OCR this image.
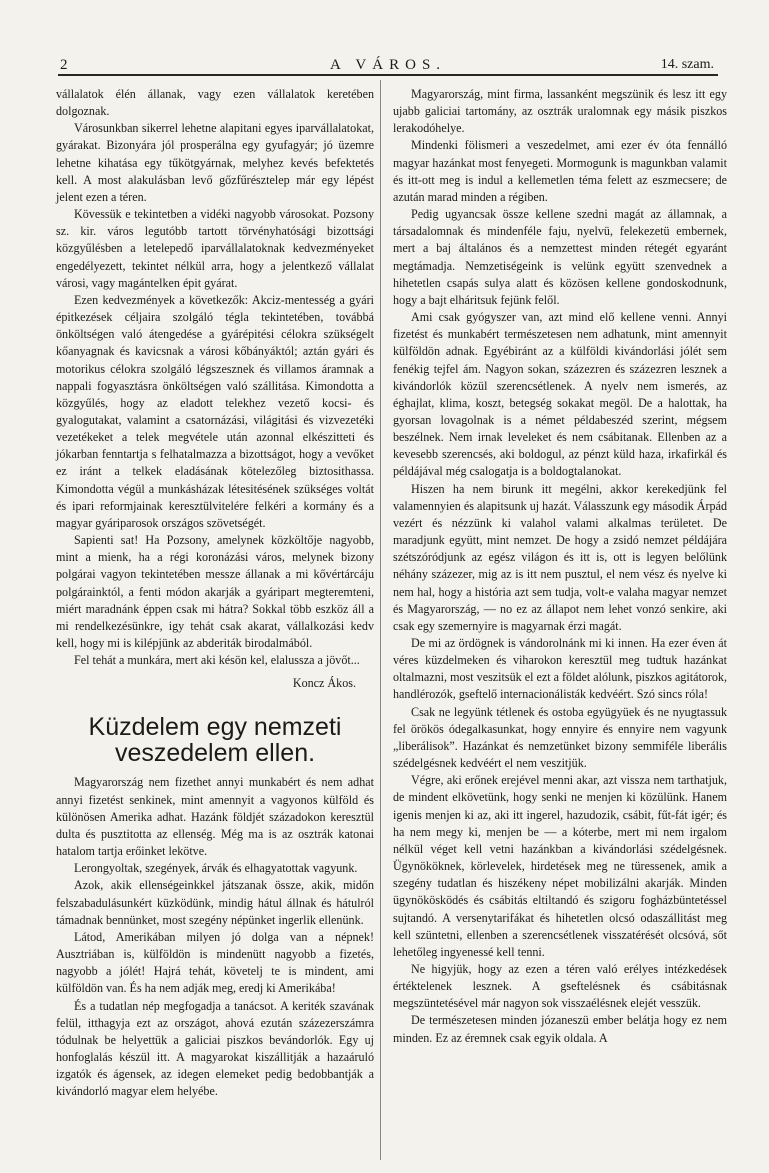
2	A VÁROS.	14. szam.

vállalatok élén állanak, vagy ezen vállalatok keretében dolgoznak.

Városunkban sikerrel lehetne alapitani egyes iparvállalatokat, gyárakat. Bizonyára jól prosperálna egy gyufagyár; jó üzemre lehetne kihatása egy tűkötgyárnak, melyhez kevés befektetés kell. A most alakulásban levő gőzfűrésztelep már egy lépést jelent ezen a téren.

Kövessük e tekintetben a vidéki nagyobb városokat. Pozsony sz. kir. város legutóbb tartott törvényhatósági bizottsági közgyűlésben a letelepedő iparvállalatoknak kedvezményeket engedélyezett, tekintet nélkül arra, hogy a jelentkező vállalat városi, vagy magántelken épit gyárat.

Ezen kedvezmények a következők: Akciz-mentesség a gyári épitkezések céljaira szolgáló tégla tekintetében, továbbá önköltségen való átengedése a gyárépitési célokra szükségelt kőanyagnak és kavicsnak a városi kőbányáktól; aztán gyári és motorikus célokra szolgáló légszesznek és villamos áramnak a nappali fogyasztásra önköltségen való szállitása. Kimondotta a közgyűlés, hogy az eladott telekhez vezető kocsi- és gyalogutakat, valamint a csatornázási, világitási és vizvezetéki vezetékeket a telek megvétele után azonnal elkészitteti és jókarban fenntartja s felhatalmazza a bizottságot, hogy a vevőket ez iránt a telkek eladásának kötelezőleg biztosithassa. Kimondotta végül a munkásházak létesitésének szükséges voltát és ipari reformjainak keresztülvitelére felkéri a kormány és a magyar gyáriparosok országos szövetségét.

Sapienti sat! Ha Pozsony, amelynek közköltője nagyobb, mint a mienk, ha a régi koronázási város, melynek bizony polgárai vagyon tekintetében messze állanak a mi kővértárcáju polgárainktól, a fenti módon akarják a gyáripart megteremteni, miért maradnánk éppen csak mi hátra? Sokkal több eszköz áll a mi rendelkezésünkre, igy tehát csak akarat, vállalkozási kedv kell, hogy mi is kilépjünk az abderiták birodalmából.

Fel tehát a munkára, mert aki késön kel, elalussza a jövőt...

Koncz Ákos.

Küzdelem egy nemzeti veszedelem ellen.

Magyarország nem fizethet annyi munkabért és nem adhat annyi fizetést senkinek, mint amennyit a vagyonos külföld és különösen Amerika adhat. Hazánk földjét századokon keresztül dulta és pusztitotta az ellenség. Még ma is az osztrák katonai hatalom tartja erőinket lekötve.

Lerongyoltak, szegények, árvák és elhagyatottak vagyunk.

Azok, akik ellenségeinkkel játszanak össze, akik, midőn felszabadulásunkért küzködünk, mindig hátul állnak és hátulról támadnak bennünket, most szegény népünket ingerlik ellenünk.

Látod, Amerikában milyen jó dolga van a népnek! Ausztriában is, külföldön is mindenütt nagyobb a fizetés, nagyobb a jólét! Hajrá tehát, követelj te is mindent, ami külföldön van. És ha nem adják meg, eredj ki Amerikába!

És a tudatlan nép megfogadja a tanácsot. A keriték szavának felül, itthagyja ezt az országot, ahová ezután százezerszámra tódulnak be helyettük a galiciai piszkos bevándorlók. Egy uj honfoglalás készül itt. A magyarokat kiszállitják a hazaáruló izgatók és ágensek, az idegen elemeket pedig bedobbantják a kivándorló magyar elem helyébe.

Magyarország, mint firma, lassanként megszünik és lesz itt egy ujabb galiciai tartomány, az osztrák uralomnak egy másik piszkos lerakodóhelye.

Mindenki fölismeri a veszedelmet, ami ezer év óta fennálló magyar hazánkat most fenyegeti. Mormogunk is magunkban valamit és itt-ott meg is indul a kellemetlen téma felett az eszmecsere; de azután marad minden a régiben.

Pedig ugyancsak össze kellene szedni magát az államnak, a társadalomnak és mindenféle faju, nyelvü, felekezetü embernek, mert a baj általános és a nemzettest minden rétegét egyaránt megtámadja. Nemzetiségeink is velünk együtt szenvednek a hihetetlen csapás sulya alatt és közösen kellene gondoskodnunk, hogy a bajt elháritsuk fejünk felől.

Ami csak gyógyszer van, azt mind elő kellene venni. Annyi fizetést és munkabért természetesen nem adhatunk, mint amennyit külföldön adnak. Egyébiránt az a külföldi kivándorlási jólét sem fenékig tejfel ám. Nagyon sokan, százezren és százezren lesznek a kivándorlók közül szerencsétlenek. A nyelv nem ismerés, az éghajlat, klima, koszt, betegség sokakat megöl. De a halottak, ha gyorsan lovagolnak is a német példabeszéd szerint, mégsem beszélnek. Nem irnak leveleket és nem csábitanak. Ellenben az a kevesebb szerencsés, aki boldogul, az pénzt küld haza, irkafirkál és példájával még csalogatja is a boldogtalanokat.

Hiszen ha nem birunk itt megélni, akkor kerekedjünk fel valamennyien és alapitsunk uj hazát. Válasszunk egy második Árpád vezért és nézzünk ki valahol valami alkalmas területet. De maradjunk együtt, mint nemzet. De hogy a zsidó nemzet példájára szétszóródjunk az egész világon és itt is, ott is legyen belőlünk néhány százezer, mig az is itt nem pusztul, el nem vész és nyelve ki nem hal, hogy a história azt sem tudja, volt-e valaha magyar nemzet és Magyarország, — no ez az állapot nem lehet vonzó senkire, aki csak egy szemernyire is magyarnak érzi magát.

De mi az ördögnek is vándorolnánk mi ki innen. Ha ezer éven át véres küzdelmeken és viharokon keresztül meg tudtuk hazánkat oltalmazni, most veszitsük el ezt a földet alólunk, piszkos agitátorok, handlérozók, gseftelő internacionálisták kedvéért. Szó sincs róla!

Csak ne legyünk tétlenek és ostoba együgyüek és ne nyugtassuk fel örökös ódegalkasunkat, hogy ennyire és ennyire nem vagyunk „liberálisok”. Hazánkat és nemzetünket bizony semmiféle liberális szédelgésnek kedvéért el nem veszitjük.

Végre, aki erőnek erejével menni akar, azt vissza nem tarthatjuk, de mindent elkövetünk, hogy senki ne menjen ki közülünk. Hanem igenis menjen ki az, aki itt ingerel, hazudozik, csábit, fűt-fát igér; és ha nem megy ki, menjen be — a kóterbe, mert mi nem irgalom nélkül véget kell vetni hazánkban a kivándorlási szédelgésnek. Ügynököknek, körlevelek, hirdetések meg ne türessenek, amik a szegény tudatlan és hiszékeny népet mobilizálni akarják. Minden ügynökösködés és csábitás eltiltandó és szigoru fogházbüntetéssel sujtandó. A versenytarifákat és hihetetlen olcsó odaszállitást meg kell szüntetni, ellenben a szerencsétlenek visszatérését olcsóvá, sőt lehetőleg ingyenessé kell tenni.

Ne higyjük, hogy az ezen a téren való erélyes intézkedések értéktelenek lesznek. A gseftelésnek és csábitásnak megszüntetésével már nagyon sok visszaélésnek elejét vesszük.

De természetesen minden józaneszü ember belátja hogy ez nem minden. Ez az éremnek csak egyik oldala. A
